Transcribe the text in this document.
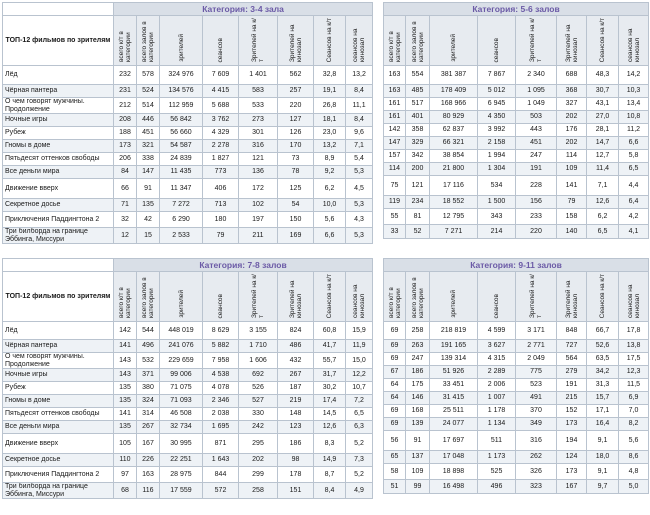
	Категория: 3-4 зала							
ТОП-12 фильмов по зрителям	всего к/т в категории	всего залов в категории	зрителей	сеансов	Зрителей на к/т	Зрителей на кинозал	Сеансов на к/т	сеансов на кинозал
Лёд	232	578	324 976	7 609	1 401	562	32,8	13,2
Чёрная пантера	231	524	134 576	4 415	583	257	19,1	8,4
О чем говорят мужчины. Продолжение	212	514	112 959	5 688	533	220	26,8	11,1
Ночные игры	208	446	56 842	3 762	273	127	18,1	8,4
Рубеж	188	451	56 660	4 329	301	126	23,0	9,6
Гномы в доме	173	321	54 587	2 278	316	170	13,2	7,1
Пятьдесят оттенков свободы	206	338	24 839	1 827	121	73	8,9	5,4
Все деньги мира	84	147	11 435	773	136	78	9,2	5,3
Движение вверх	66	91	11 347	406	172	125	6,2	4,5
Секретное досье	71	135	7 272	713	102	54	10,0	5,3
Приключения Паддингтона 2	32	42	6 290	180	197	150	5,6	4,3
Три билборда на границе Эббинга, Миссури	12	15	2 533	79	211	169	6,6	5,3
Категория: 5-6 залов							
всего к/т в категории	всего залов в категории	зрителей	сеансов	Зрителей на к/т	Зрителей на кинозал	Сеансов на к/т	сеансов на кинозал
163	554	381 387	7 867	2 340	688	48,3	14,2
163	485	178 409	5 012	1 095	368	30,7	10,3
161	517	168 966	6 945	1 049	327	43,1	13,4
161	401	80 929	4 350	503	202	27,0	10,8
142	358	62 837	3 992	443	176	28,1	11,2
147	329	66 321	2 158	451	202	14,7	6,6
157	342	38 854	1 994	247	114	12,7	5,8
114	200	21 800	1 304	191	109	11,4	6,5
75	121	17 116	534	228	141	7,1	4,4
119	234	18 552	1 500	156	79	12,6	6,4
55	81	12 795	343	233	158	6,2	4,2
33	52	7 271	214	220	140	6,5	4,1
	Категория: 7-8 залов							
ТОП-12 фильмов по зрителям	всего к/т в категории	всего залов в категории	зрителей	сеансов	Зрителей на к/т	Зрителей на кинозал	Сеансов на к/т	сеансов на кинозал
Лёд	142	544	448 019	8 629	3 155	824	60,8	15,9
Чёрная пантера	141	496	241 076	5 882	1 710	486	41,7	11,9
О чем говорят мужчины. Продолжение	143	532	229 659	7 958	1 606	432	55,7	15,0
Ночные игры	143	371	99 006	4 538	692	267	31,7	12,2
Рубеж	135	380	71 075	4 078	526	187	30,2	10,7
Гномы в доме	135	324	71 093	2 346	527	219	17,4	7,2
Пятьдесят оттенков свободы	141	314	46 508	2 038	330	148	14,5	6,5
Все деньги мира	135	267	32 734	1 695	242	123	12,6	6,3
Движение вверх	105	167	30 995	871	295	186	8,3	5,2
Секретное досье	110	226	22 251	1 643	202	98	14,9	7,3
Приключения Паддингтона 2	97	163	28 975	844	299	178	8,7	5,2
Три билборда на границе Эббинга, Миссури	68	116	17 559	572	258	151	8,4	4,9
Категория: 9-11 залов							
всего к/т в категории	всего залов в категории	зрителей	сеансов	Зрителей на к/т	Зрителей на кинозал	Сеансов на к/т	сеансов на кинозал
69	258	218 819	4 599	3 171	848	66,7	17,8
69	263	191 165	3 627	2 771	727	52,6	13,8
69	247	139 314	4 315	2 049	564	63,5	17,5
67	186	51 926	2 289	775	279	34,2	12,3
64	175	33 451	2 006	523	191	31,3	11,5
64	146	31 415	1 007	491	215	15,7	6,9
69	168	25 511	1 178	370	152	17,1	7,0
69	139	24 077	1 134	349	173	16,4	8,2
56	91	17 697	511	316	194	9,1	5,6
65	137	17 048	1 173	262	124	18,0	8,6
58	109	18 898	525	326	173	9,1	4,8
51	99	16 498	496	323	167	9,7	5,0
